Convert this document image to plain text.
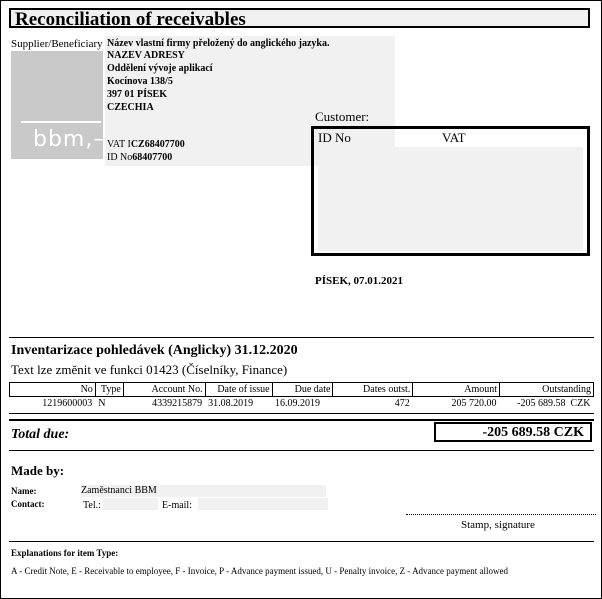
Reconciliation of receivables
Supplier/Beneficiary
bbm,–
Název vlastní firmy přeložený do anglického jazyka.
NAZEV ADRESY
Oddělení vývoje aplikací
Kocínova 138/5
397 01 PÍSEK
CZECHIA
VAT ICZ68407700
ID No68407700
Customer:
ID No	VAT
PÍSEK, 07.01.2021
Inventarizace pohledávek (Anglicky) 31.12.2020
Text lze změnit ve funkci 01423 (Číselníky, Finance)
No	Type	Account No.	Date of issue	Due date	Dates outst.	Amount	Outstanding
1219600003	N	4339215879	31.08.2019	16.09.2019	472	205 720.00	-205 689.58 CZK
Total due:	-205 689.58 CZK
Made by:
Name:	Zaměstnanci BBM
Contact:	Tel.:	E-mail:
Stamp, signature
Explanations for item Type:
A - Credit Note, E - Receivable to employee, F - Invoice, P - Advance payment issued, U - Penalty invoice, Z - Advance payment allowed
